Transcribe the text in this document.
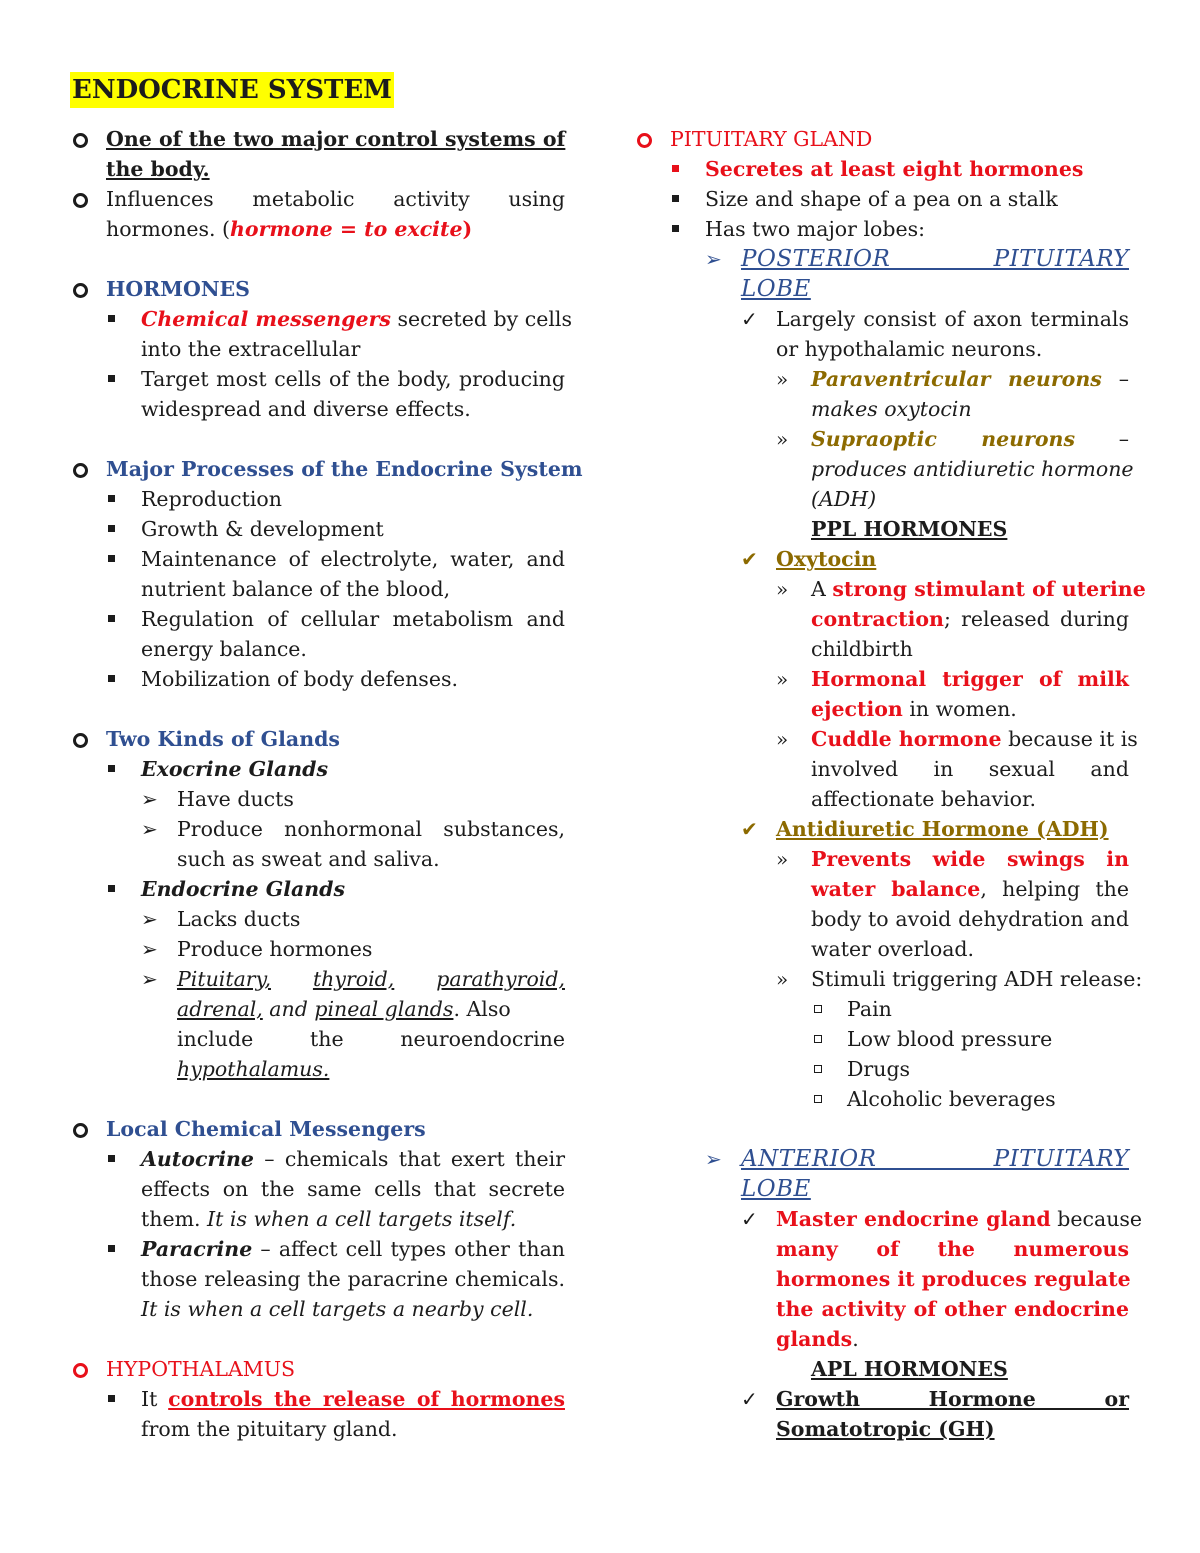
ENDOCRINE SYSTEM
One of the two major control systems of
the body.
Influences metabolic activity using
hormones. (hormone = to excite)
HORMONES
Chemical messengers secreted by cells
into the extracellular
Target most cells of the body, producing
widespread and diverse effects.
Major Processes of the Endocrine System
Reproduction
Growth & development
Maintenance of electrolyte, water, and
nutrient balance of the blood,
Regulation of cellular metabolism and
energy balance.
Mobilization of body defenses.
Two Kinds of Glands
Exocrine Glands
➢ Have ducts
➢ Produce nonhormonal substances,
such as sweat and saliva.
Endocrine Glands
➢ Lacks ducts
➢ Produce hormones
➢ Pituitary, thyroid, parathyroid,
adrenal, and pineal glands. Also
include the neuroendocrine
hypothalamus.
Local Chemical Messengers
Autocrine – chemicals that exert their
effects on the same cells that secrete
them. It is when a cell targets itself.
Paracrine – affect cell types other than
those releasing the paracrine chemicals.
It is when a cell targets a nearby cell.
HYPOTHALAMUS
It controls the release of hormones
from the pituitary gland.
PITUITARY GLAND
Secretes at least eight hormones
Size and shape of a pea on a stalk
Has two major lobes:
➢ POSTERIOR PITUITARY
LOBE
✓ Largely consist of axon terminals
or hypothalamic neurons.
» Paraventricular neurons –
makes oxytocin
» Supraoptic neurons –
produces antidiuretic hormone
(ADH)
PPL HORMONES
✔ Oxytocin
» A strong stimulant of uterine
contraction; released during
childbirth
» Hormonal trigger of milk
ejection in women.
» Cuddle hormone because it is
involved in sexual and
affectionate behavior.
✔ Antidiuretic Hormone (ADH)
» Prevents wide swings in
water balance, helping the
body to avoid dehydration and
water overload.
» Stimuli triggering ADH release:
Pain
Low blood pressure
Drugs
Alcoholic beverages
➢ ANTERIOR PITUITARY
LOBE
✓ Master endocrine gland because
many of the numerous
hormones it produces regulate
the activity of other endocrine
glands.
APL HORMONES
✓ Growth Hormone or
Somatotropic (GH)
